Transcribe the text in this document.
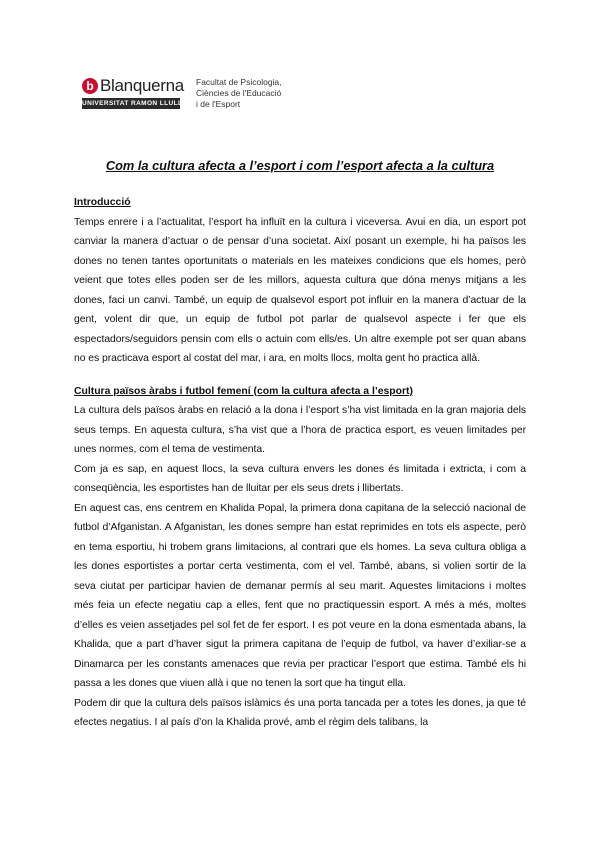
b Blanquerna
UNIVERSITAT RAMON LLULL
Facultat de Psicologia,
Ciències de l'Educació
i de l'Esport
Com la cultura afecta a l’esport i com l’esport afecta a la cultura
Introducció

Temps enrere i a l’actualitat, l’esport ha influït en la cultura i viceversa. Avui en dia, un esport pot canviar la manera d’actuar o de pensar d’una societat. Així posant un exemple, hi ha països les dones no tenen tantes oportunitats o materials en les mateixes condicions que els homes, però veient que totes elles poden ser de les millors, aquesta cultura que dóna menys mitjans a les dones, faci un canvi. També, un equip de qualsevol esport pot influir en la manera d’actuar de la gent, volent dir que, un equip de futbol pot parlar de qualsevol aspecte i fer que els espectadors/seguidors pensin com ells o actuin com ells/es. Un altre exemple pot ser quan abans no es practicava esport al costat del mar, i ara, en molts llocs, molta gent ho practica allà.

Cultura països àrabs i futbol femení (com la cultura afecta a l’esport)

La cultura dels països àrabs en relació a la dona i l’esport s’ha vist limitada en la gran majoria dels seus temps. En aquesta cultura, s’ha vist que a l’hora de practica esport, es veuen limitades per unes normes, com el tema de vestimenta.

Com ja es sap, en aquest llocs, la seva cultura envers les dones és limitada i extricta, i com a conseqüència, les esportistes han de lluitar per els seus drets i llibertats.

En aquest cas, ens centrem en Khalida Popal, la primera dona capitana de la selecció nacional de futbol d’Afganistan. A Afganistan, les dones sempre han estat reprimides en tots els aspecte, però en tema esportiu, hi trobem grans limitacions, al contrari que els homes. La seva cultura obliga a les dones esportistes a portar certa vestimenta, com el vel. També, abans, si volien sortir de la seva ciutat per participar havien de demanar permís al seu marit. Aquestes limitacions i moltes més feia un efecte negatiu cap a elles, fent que no practiquessin esport. A més a més, moltes d’elles es veien assetjades pel sol fet de fer esport. I es pot veure en la dona esmentada abans, la Khalida, que a part d’haver sigut la primera capitana de l’equip de futbol, va haver d’exiliar-se a Dinamarca per les constants amenaces que revia per practicar l’esport que estima. També els hi passa a les dones que viuen allà i que no tenen la sort que ha tingut ella.

Podem dir que la cultura dels països islàmics és una porta tancada per a totes les dones, ja que té efectes negatius. I al país d’on la Khalida prové, amb el règim dels talibans, la
